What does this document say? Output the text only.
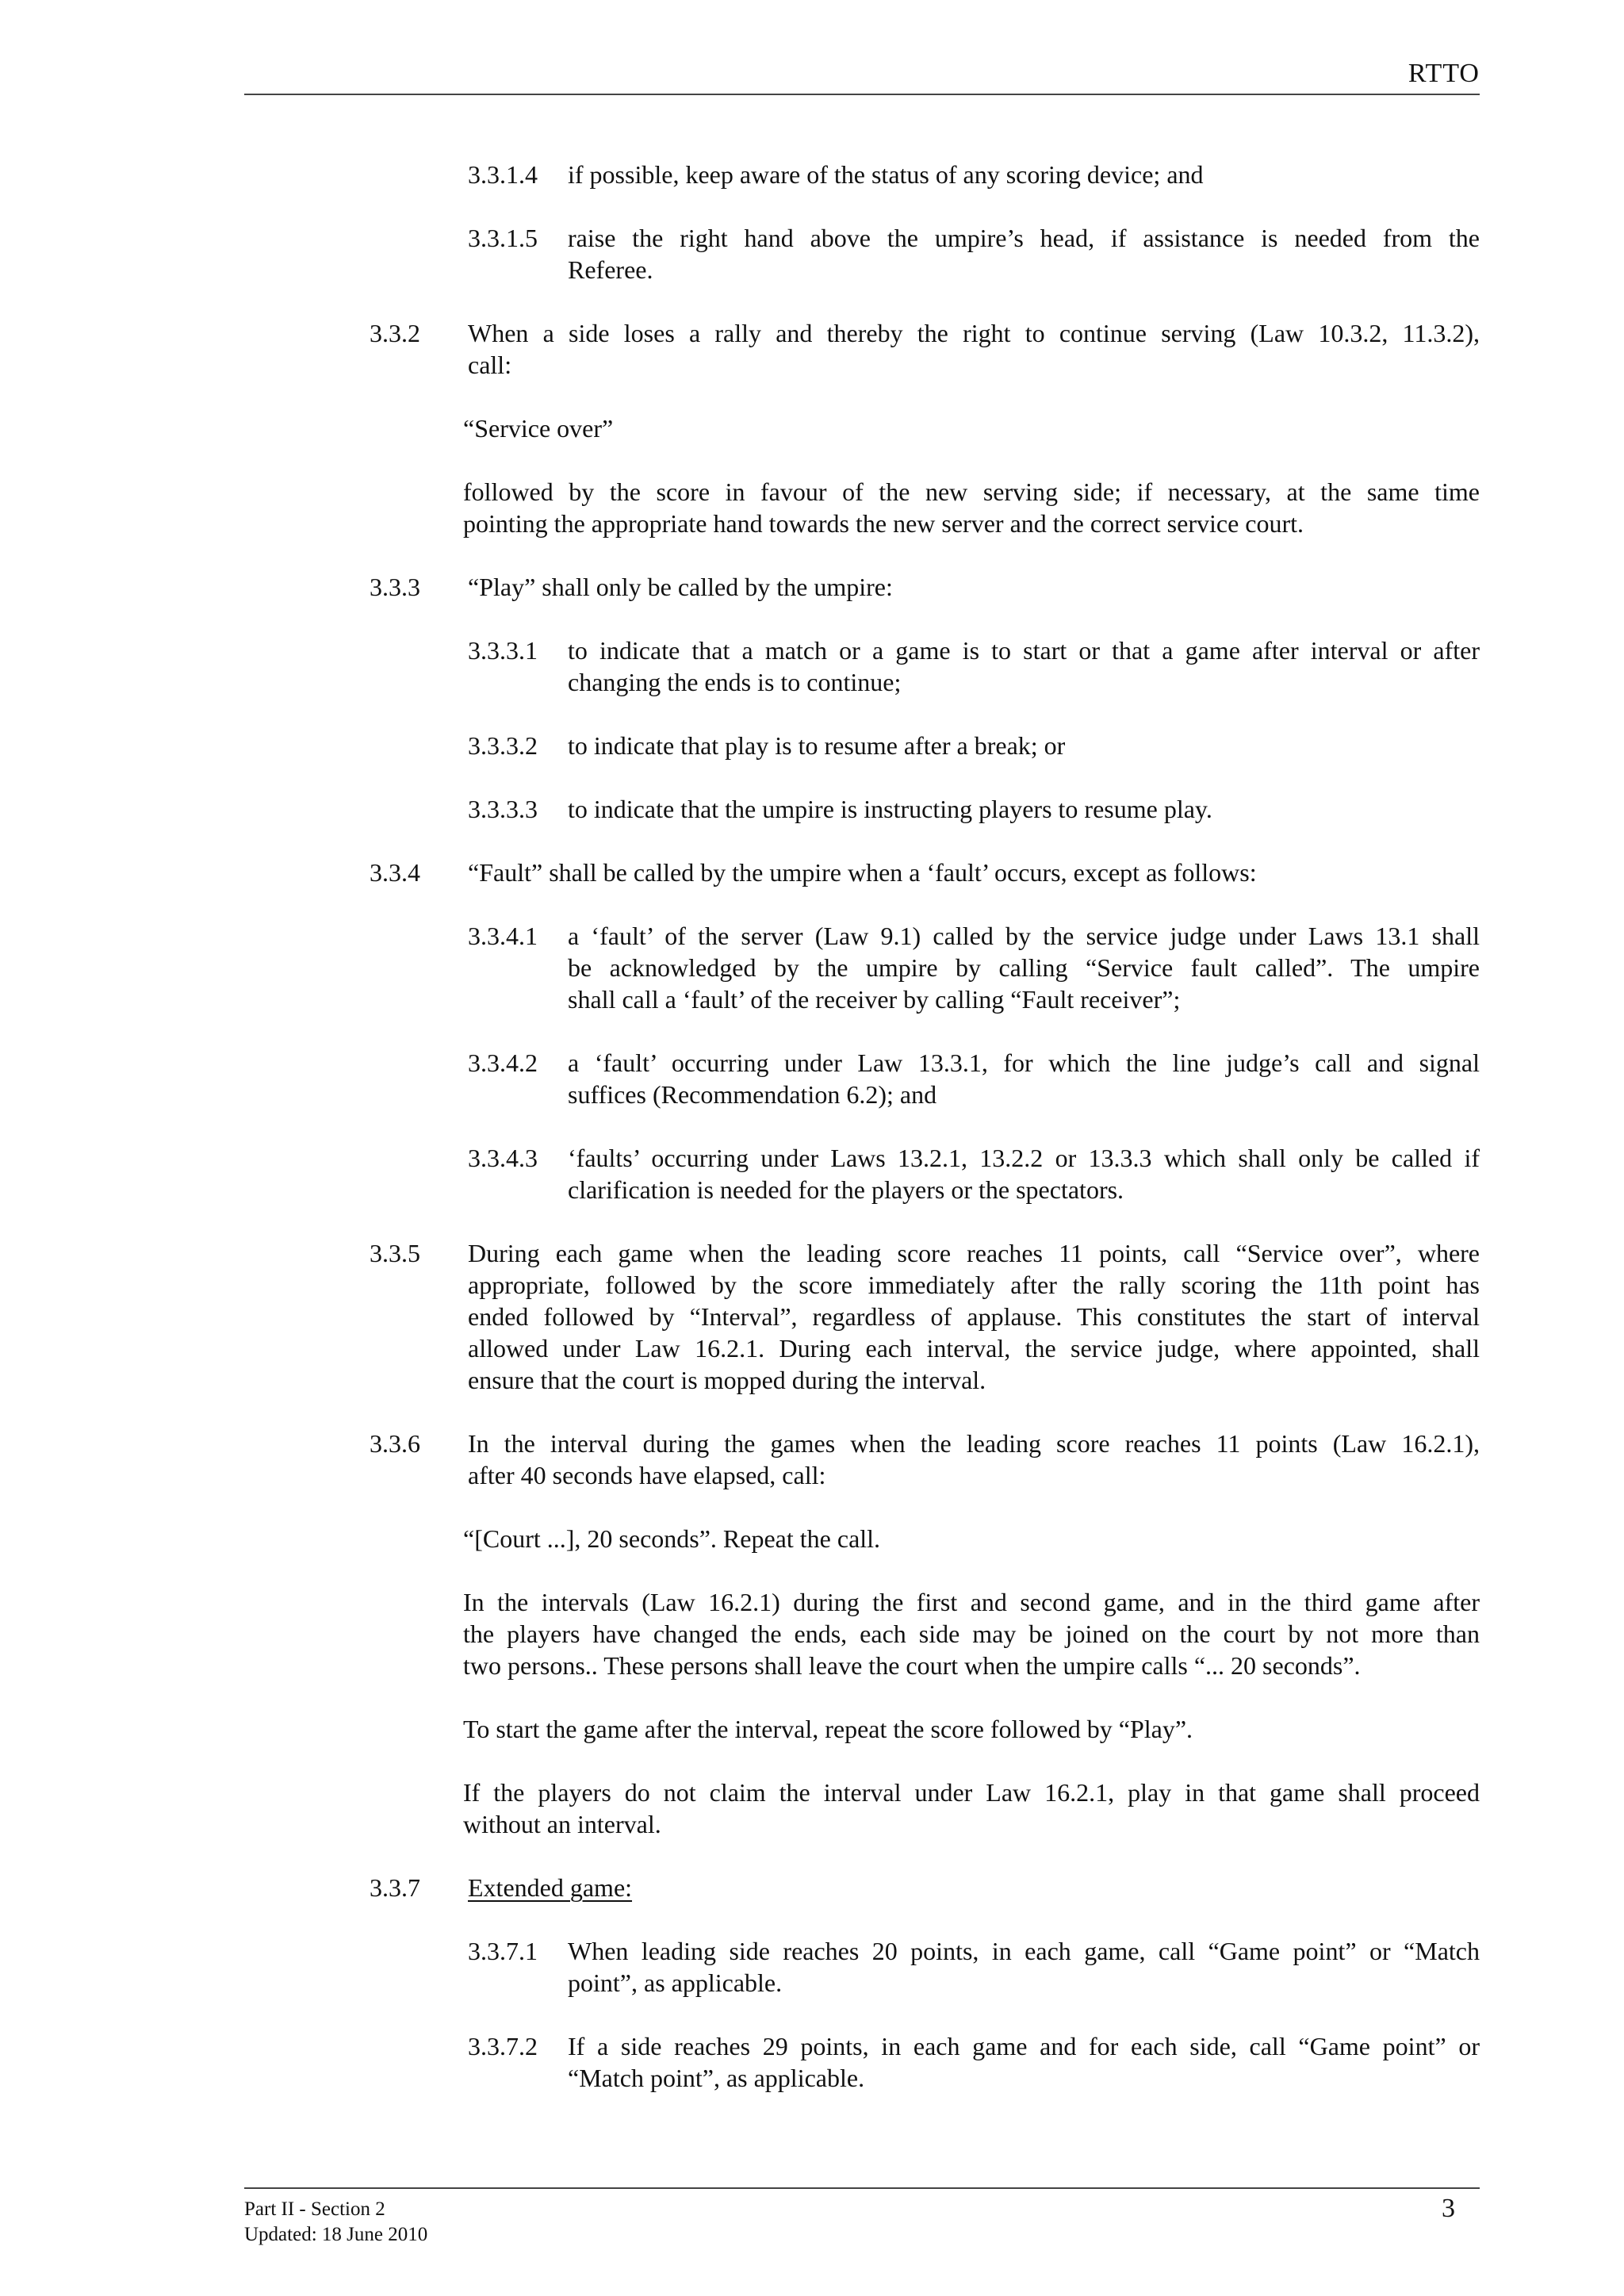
RTTO
3.3.1.4 if possible, keep aware of the status of any scoring device; and
3.3.1.5 raise the right hand above the umpire’s head, if assistance is needed from the
Referee.
3.3.2 When a side loses a rally and thereby the right to continue serving (Law 10.3.2, 11.3.2),
call:
“Service over”
followed by the score in favour of the new serving side; if necessary, at the same time
pointing the appropriate hand towards the new server and the correct service court.
3.3.3 “Play” shall only be called by the umpire:
3.3.3.1 to indicate that a match or a game is to start or that a game after interval or after
changing the ends is to continue;
3.3.3.2 to indicate that play is to resume after a break; or
3.3.3.3 to indicate that the umpire is instructing players to resume play.
3.3.4 “Fault” shall be called by the umpire when a ‘fault’ occurs, except as follows:
3.3.4.1 a ‘fault’ of the server (Law 9.1) called by the service judge under Laws 13.1 shall
be acknowledged by the umpire by calling “Service fault called”. The umpire
shall call a ‘fault’ of the receiver by calling “Fault receiver”;
3.3.4.2 a ‘fault’ occurring under Law 13.3.1, for which the line judge’s call and signal
suffices (Recommendation 6.2); and
3.3.4.3 ‘faults’ occurring under Laws 13.2.1, 13.2.2 or 13.3.3 which shall only be called if
clarification is needed for the players or the spectators.
3.3.5 During each game when the leading score reaches 11 points, call “Service over”, where
appropriate, followed by the score immediately after the rally scoring the 11th point has
ended followed by “Interval”, regardless of applause. This constitutes the start of interval
allowed under Law 16.2.1. During each interval, the service judge, where appointed, shall
ensure that the court is mopped during the interval.
3.3.6 In the interval during the games when the leading score reaches 11 points (Law 16.2.1),
after 40 seconds have elapsed, call:
“[Court ...], 20 seconds”. Repeat the call.
In the intervals (Law 16.2.1) during the first and second game, and in the third game after
the players have changed the ends, each side may be joined on the court by not more than
two persons.. These persons shall leave the court when the umpire calls “... 20 seconds”.
To start the game after the interval, repeat the score followed by “Play”.
If the players do not claim the interval under Law 16.2.1, play in that game shall proceed
without an interval.
3.3.7 Extended game:
3.3.7.1 When leading side reaches 20 points, in each game, call “Game point” or “Match
point”, as applicable.
3.3.7.2 If a side reaches 29 points, in each game and for each side, call “Game point” or
“Match point”, as applicable.
Part II - Section 2
Updated: 18 June 2010
3
